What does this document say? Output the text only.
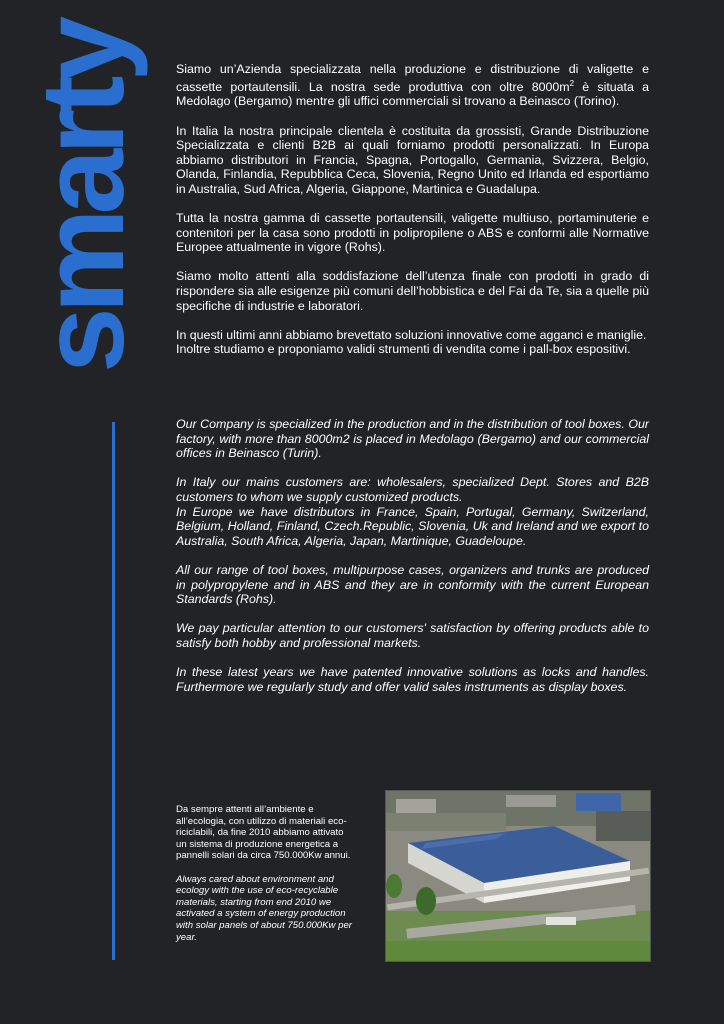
smarty Siamo un’Azienda specializzata nella produzione e distribuzione di valigette e cassette portautensili. La nostra sede produttiva con oltre $8000m^2$ è situata a Medolago (Bergamo) mentre gli uffici commerciali si trovano a Beinasco (Torino).

In Italia la nostra principale clientela è costituita da grossisti, Grande Distribuzione Specializzata e clienti B2B ai quali forniamo prodotti personalizzati. In Europa abbiamo distributori in Francia, Spagna, Portogallo, Germania, Svizzera, Belgio, Olanda, Finlandia, Repubblica Ceca, Slovenia, Regno Unito ed Irlanda ed esportiamo in Australia, Sud Africa, Algeria, Giappone, Martinica e Guadalupa.

Tutta la nostra gamma di cassette portautensili, valigette multiuso, portaminuterie e contenitori per la casa sono prodotti in polipropilene o ABS e conformi alle Normative Europee attualmente in vigore (Rohs).

Siamo molto attenti alla soddisfazione dell’utenza finale con prodotti in grado di rispondere sia alle esigenze più comuni dell’hobbistica e del Fai da Te, sia a quelle più specifiche di industrie e laboratori.

In questi ultimi anni abbiamo brevettato soluzioni innovative come agganci e maniglie.
Inoltre studiamo e proponiamo validi strumenti di vendita come i pall-box espositivi.

Our Company is specialized in the production and in the distribution of tool boxes. Our factory, with more than 8000m2 is placed in Medolago (Bergamo) and our commercial offices in Beinasco (Turin).

In Italy our mains customers are: wholesalers, specialized Dept. Stores and B2B customers to whom we supply customized products.
In Europe we have distributors in France, Spain, Portugal, Germany, Switzerland, Belgium, Holland, Finland, Czech.Republic, Slovenia, Uk and Ireland and we export to Australia, South Africa, Algeria, Japan, Martinique, Guadeloupe.

All our range of tool boxes, multipurpose cases, organizers and trunks are produced in polypropylene and in ABS and they are in conformity with the current European Standards (Rohs).

We pay particular attention to our customers' satisfaction by offering products able to satisfy both hobby and professional markets.

In these latest years we have patented innovative solutions as locks and handles. Furthermore we regularly study and offer valid sales instruments as display boxes.

Da sempre attenti all’ambiente e all’ecologia, con utilizzo di materiali eco-riciclabili, da fine 2010 abbiamo attivato un sistema di produzione energetica a pannelli solari da circa 750.000Kw annui.

Always cared about environment and ecology with the use of eco-recyclable materials, starting from end 2010 we activated a system of energy production with solar panels of about 750.000Kw per year.
